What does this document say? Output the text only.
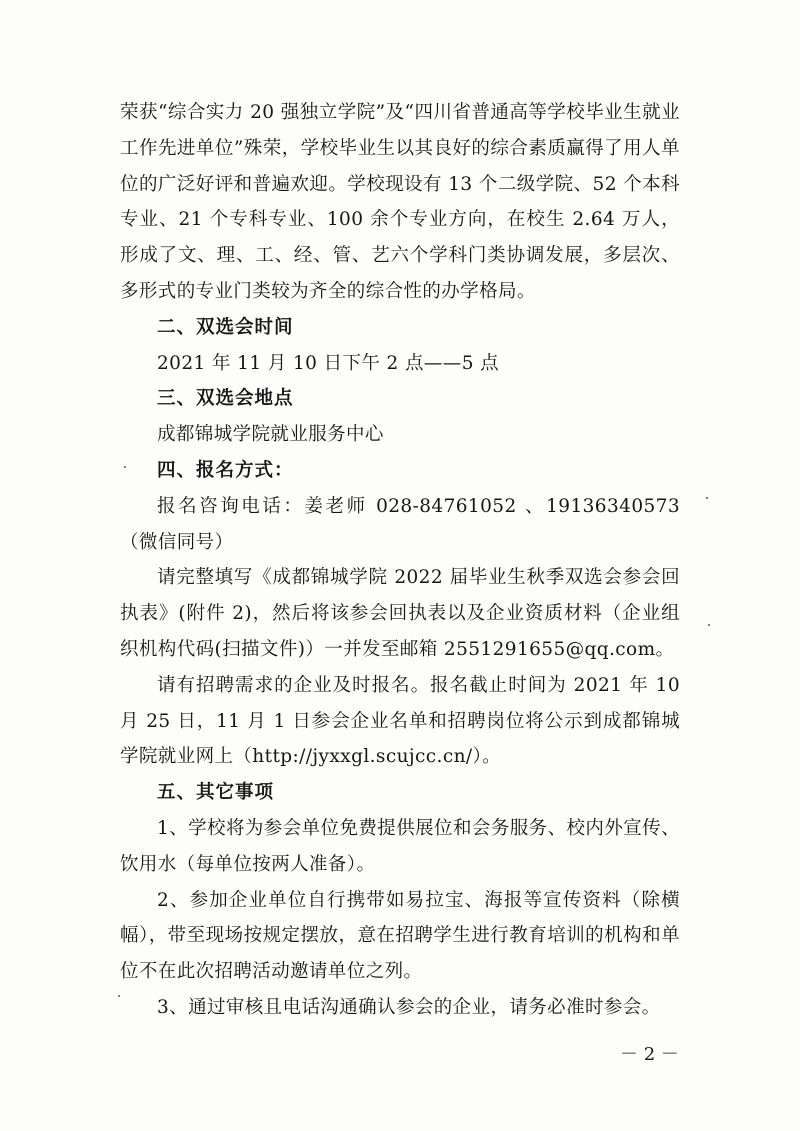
荣获“综合实力 20 强独立学院”及“四川省普通高等学校毕业生就业工作先进单位”殊荣，学校毕业生以其良好的综合素质赢得了用人单位的广泛好评和普遍欢迎。学校现设有 13 个二级学院、52 个本科专业、21 个专科专业、100 余个专业方向，在校生 2.64 万人，形成了文、理、工、经、管、艺六个学科门类协调发展，多层次、多形式的专业门类较为齐全的综合性的办学格局。

二、双选会时间

2021 年 11 月 10 日下午 2 点——5 点

三、双选会地点

成都锦城学院就业服务中心

四、报名方式：

报名咨询电话：姜老师 028-84761052 、19136340573（微信同号）

请完整填写《成都锦城学院 2022 届毕业生秋季双选会参会回执表》(附件 2)，然后将该参会回执表以及企业资质材料（企业组织机构代码(扫描文件)）一并发至邮箱 2551291655@qq.com。

请有招聘需求的企业及时报名。报名截止时间为 2021 年 10 月 25 日，11 月 1 日参会企业名单和招聘岗位将公示到成都锦城学院就业网上（http://jyxxgl.scujcc.cn/）。

五、其它事项

1、学校将为参会单位免费提供展位和会务服务、校内外宣传、饮用水（每单位按两人准备）。

2、参加企业单位自行携带如易拉宝、海报等宣传资料（除横幅），带至现场按规定摆放，意在招聘学生进行教育培训的机构和单位不在此次招聘活动邀请单位之列。

3、通过审核且电话沟通确认参会的企业，请务必准时参会。

－ 2 －
